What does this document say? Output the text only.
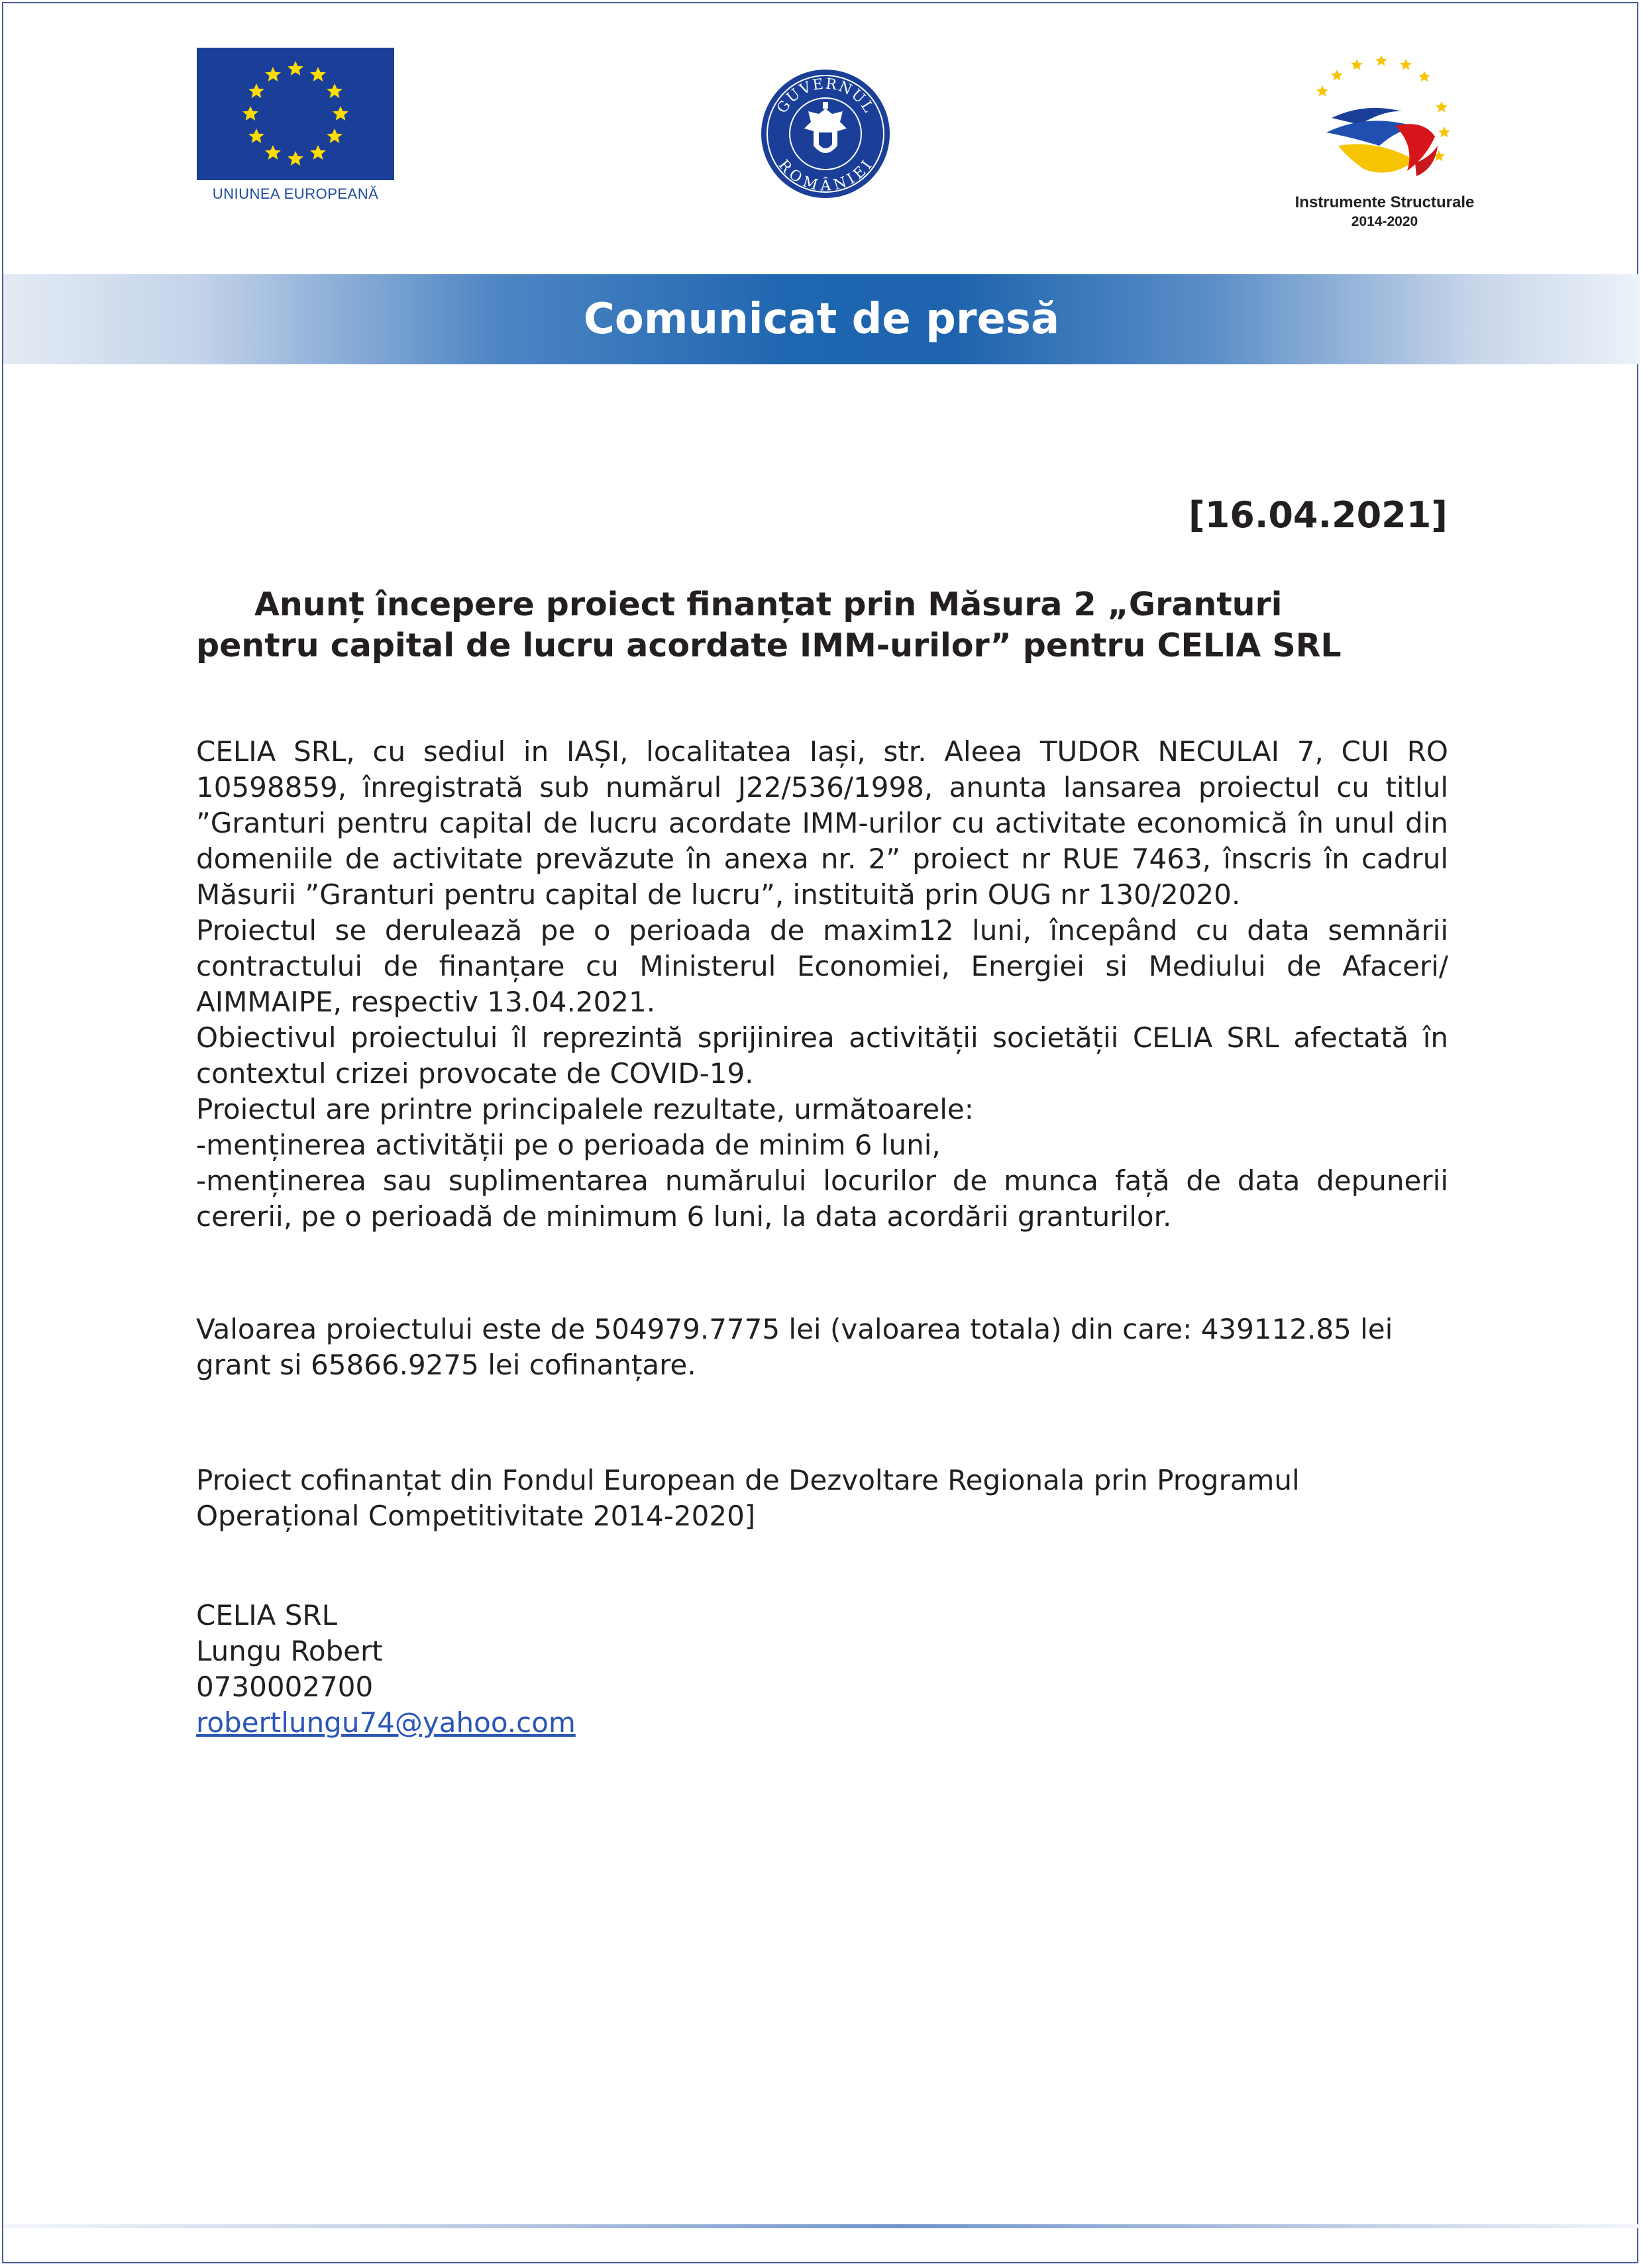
UNIUNEA EUROPEANĂ
GUVERNUL
ROMÂNIEI
Instrumente Structurale
2014-2020
Comunicat de presă
[16.04.2021]
Anunț începere proiect finanțat prin Măsura 2 „Granturi
pentru capital de lucru acordate IMM-urilor” pentru CELIA SRL

CELIA SRL, cu sediul in IAȘI, localitatea Iași, str. Aleea TUDOR NECULAI 7, CUI RO 10598859, înregistrată sub numărul J22/536/1998, anunta lansarea proiectul cu titlul ”Granturi pentru capital de lucru acordate IMM-urilor cu activitate economică în unul din domeniile de activitate prevăzute în anexa nr. 2” proiect nr RUE 7463, înscris în cadrul Măsurii ”Granturi pentru capital de lucru”, instituită prin OUG nr 130/2020.

Proiectul se derulează pe o perioada de maxim12 luni, începând cu data semnării contractului de finanțare cu Ministerul Economiei, Energiei si Mediului de Afaceri/ AIMMAIPE, respectiv 13.04.2021.

Obiectivul proiectului îl reprezintă sprijinirea activității societății CELIA SRL afectată în contextul crizei provocate de COVID-19.

Proiectul are printre principalele rezultate, următoarele:

-menținerea activității pe o perioada de minim 6 luni,

-menținerea sau suplimentarea numărului locurilor de munca față de data depunerii cererii, pe o perioadă de minimum 6 luni, la data acordării granturilor.

Valoarea proiectului este de 504979.7775 lei (valoarea totala) din care: 439112.85 lei grant si 65866.9275 lei cofinanțare.

Proiect cofinanțat din Fondul European de Dezvoltare Regionala prin Programul Operațional Competitivitate 2014-2020]

CELIA SRL
Lungu Robert
0730002700
robertlungu74@yahoo.com
